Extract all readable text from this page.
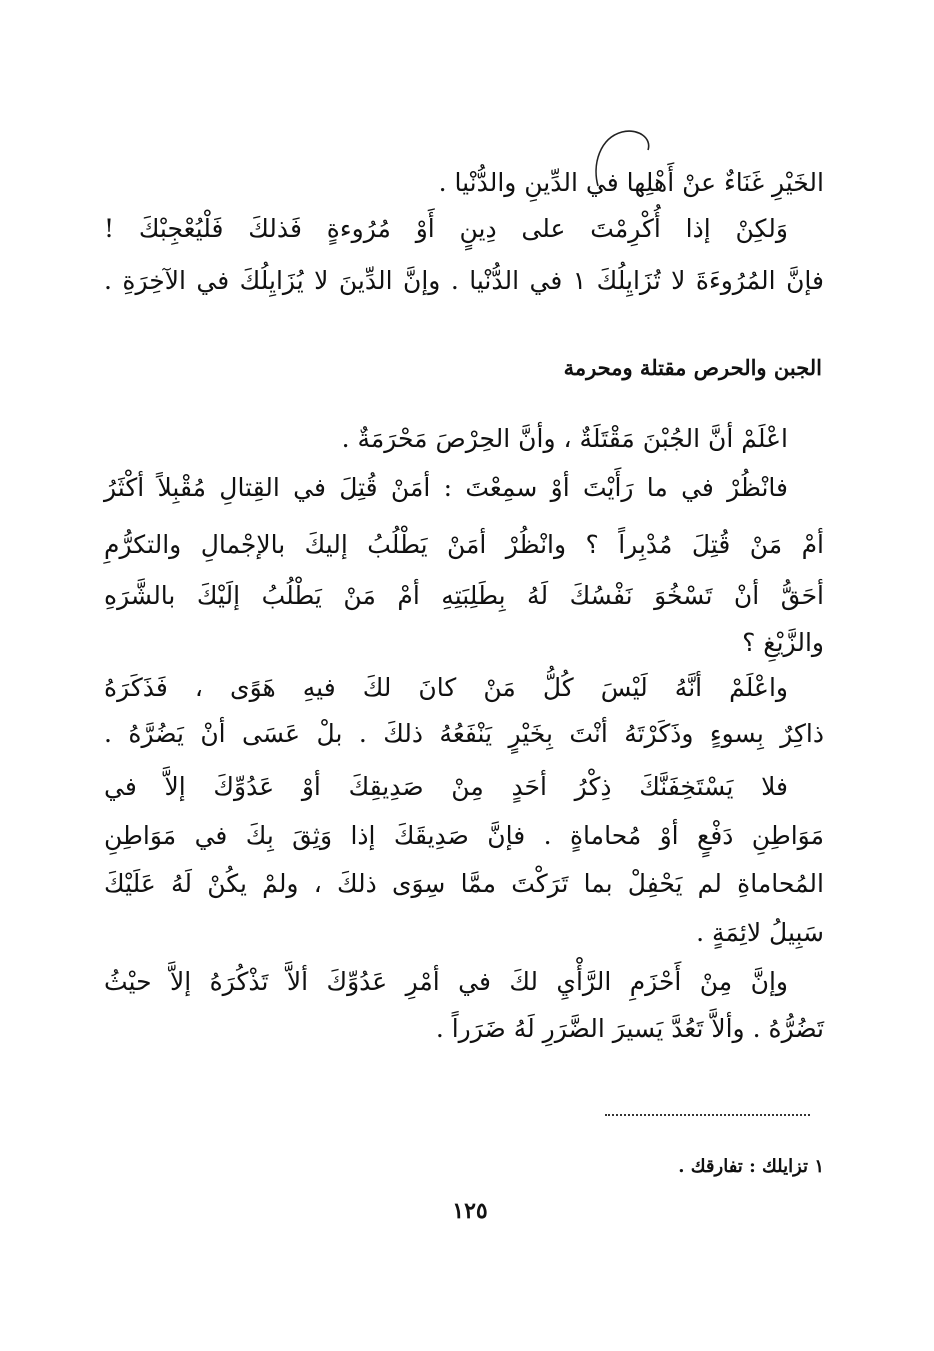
الخَيْرِ غَنَاءٌ عنْ أَهْلِها في الدِّينِ والدُّنْيا .
وَلكِنْ إذا أُكْرِمْتَ على دِينٍ أَوْ مُرُوءةٍ فَذلكَ فَلْيُعْجِبْكَ !
فإنَّ المُرُوءَةَ لا تُزَايِلُكَ ١ في الدُّنْيا . وإنَّ الدِّينَ لا يُزَايِلُكَ في الآخِرَةِ .
الجبن والحرص مقتلة ومحرمة
اعْلَمْ أنَّ الجُبْنَ مَقْتَلَةٌ ، وأنَّ الحِرْصَ مَحْرَمَةٌ .
فانْظُرْ في ما رَأَيْتَ أوْ سمِعْتَ : أمَنْ قُتِلَ في القِتالِ مُقْبِلاً أكْثَرُ
أمْ مَنْ قُتِلَ مُدْبِراً ؟ وانْظُرْ أمَنْ يَطْلُبُ إليكَ بالإجْمالِ والتكرُّمِ
أحَقُّ أنْ تَسْخُوَ نَفْسُكَ لَهُ بِطَلِبَتِهِ أمْ مَنْ يَطْلُبُ إلَيْكَ بالشَّرَهِ
والزَّيْغِ ؟
واعْلَمْ أنَّهُ لَيْسَ كُلُّ مَنْ كانَ لكَ فيهِ هَوًى ، فَذَكَرَهُ
ذاكِرٌ بِسوءٍ وذَكَرْتَهُ أنْتَ بِخَيْرٍ يَنْفَعُهُ ذلكَ . بلْ عَسَى أنْ يَضُرَّهُ .
فلا يَسْتَخِفَنَّكَ ذِكْرُ أحَدٍ مِنْ صَدِيقِكَ أوْ عَدُوِّكَ إلاَّ في
مَوَاطِنِ دَفْعٍ أوْ مُحاماةٍ . فإنَّ صَدِيقَكَ إذا وَثِقَ بِكَ في مَوَاطِنِ
المُحاماةِ لم يَحْفِلْ بما تَرَكْتَ ممَّا سِوَى ذلكَ ، ولمْ يكُنْ لَهُ عَلَيْكَ
سَبِيلُ لائِمَةٍ .
وإنَّ مِنْ أَحْزَمِ الرَّأْيِ لكَ في أمْرِ عَدُوِّكَ ألاَّ تَذْكُرَهُ إلاَّ حيْثُ
تَضُرُّهُ . وألاَّ تَعُدَّ يَسيرَ الضَّرَرِ لَهُ ضَرَراً .
١ تزايلك : تفارقك .
١٢٥
